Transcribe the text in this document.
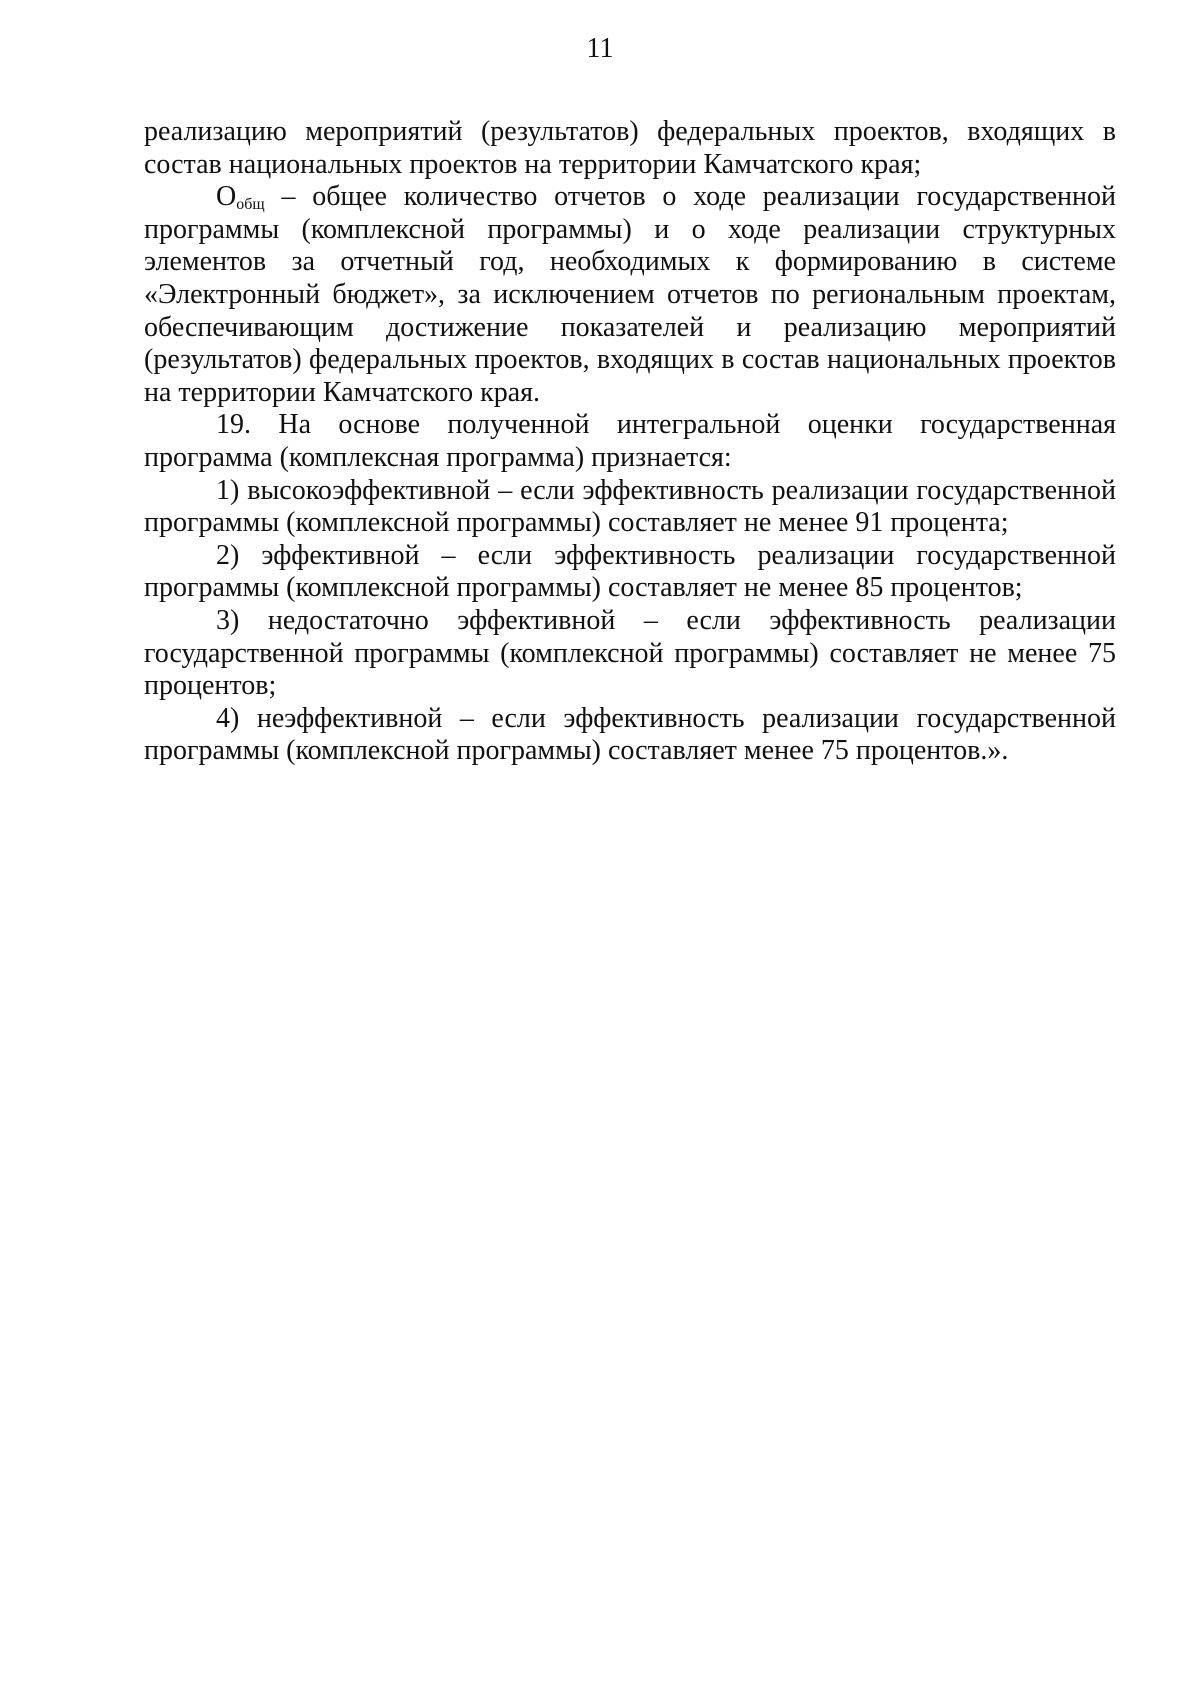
11

реализацию мероприятий (результатов) федеральных проектов, входящих в состав национальных проектов на территории Камчатского края;

$О_{общ}$ – общее количество отчетов о ходе реализации государственной программы (комплексной программы) и о ходе реализации структурных элементов за отчетный год, необходимых к формированию в системе «Электронный бюджет», за исключением отчетов по региональным проектам, обеспечивающим достижение показателей и реализацию мероприятий (результатов) федеральных проектов, входящих в состав национальных проектов на территории Камчатского края.

19. На основе полученной интегральной оценки государственная программа (комплексная программа) признается:

1) высокоэффективной – если эффективность реализации государственной программы (комплексной программы) составляет не менее 91 процента;

2) эффективной – если эффективность реализации государственной программы (комплексной программы) составляет не менее 85 процентов;

3) недостаточно эффективной – если эффективность реализации государственной программы (комплексной программы) составляет не менее 75 процентов;

4) неэффективной – если эффективность реализации государственной программы (комплексной программы) составляет менее 75 процентов.».
